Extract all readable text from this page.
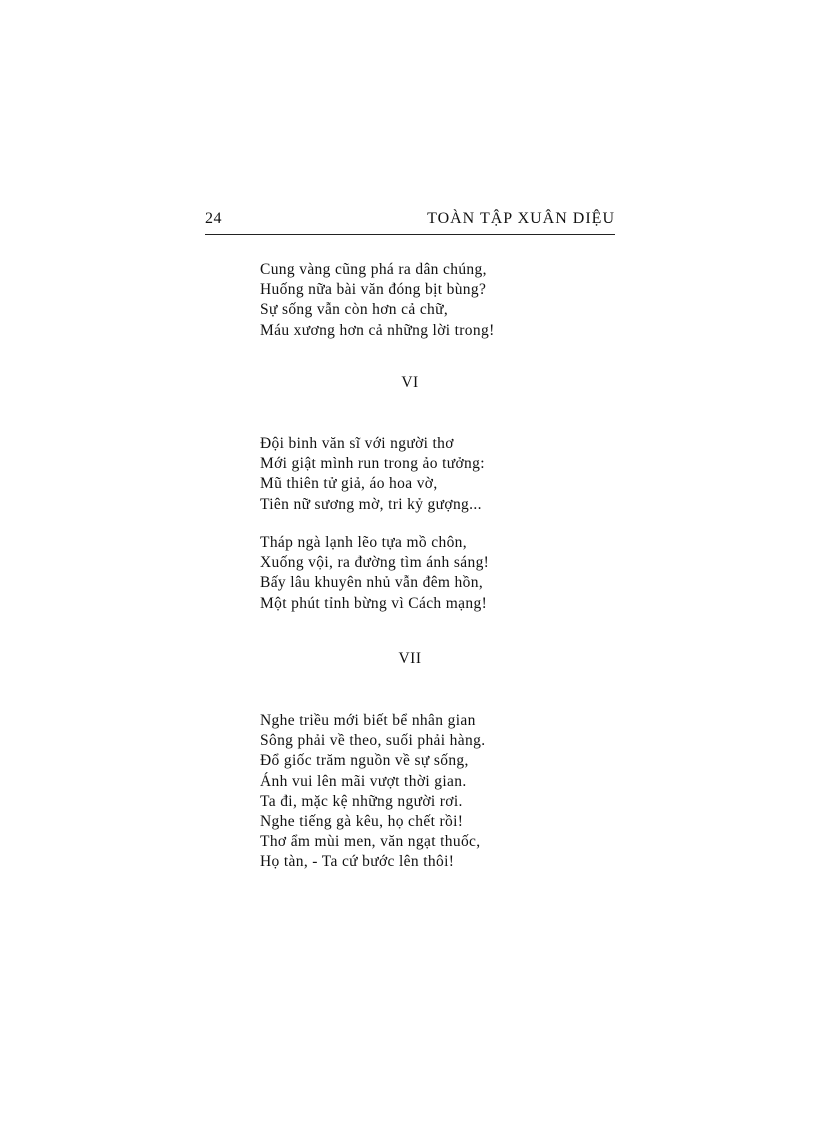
24	TOÀN TẬP XUÂN DIỆU
Cung vàng cũng phá ra dân chúng,
Huống nữa bài văn đóng bịt bùng?
Sự sống vẫn còn hơn cả chữ,
Máu xương hơn cả những lời trong!
VI
Đội binh văn sĩ với người thơ
Mới giật mình run trong ảo tưởng:
Mũ thiên tử giả, áo hoa vờ,
Tiên nữ sương mờ, tri kỷ gượng...
Tháp ngà lạnh lẽo tựa mồ chôn,
Xuống vội, ra đường tìm ánh sáng!
Bấy lâu khuyên nhủ vẫn đêm hồn,
Một phút tỉnh bừng vì Cách mạng!
VII
Nghe triều mới biết bể nhân gian
Sông phải về theo, suối phải hàng.
Đổ giốc trăm nguồn về sự sống,
Ánh vui lên mãi vượt thời gian.
Ta đi, mặc kệ những người rơi.
Nghe tiếng gà kêu, họ chết rồi!
Thơ ẩm mùi men, văn ngạt thuốc,
Họ tàn, - Ta cứ bước lên thôi!
